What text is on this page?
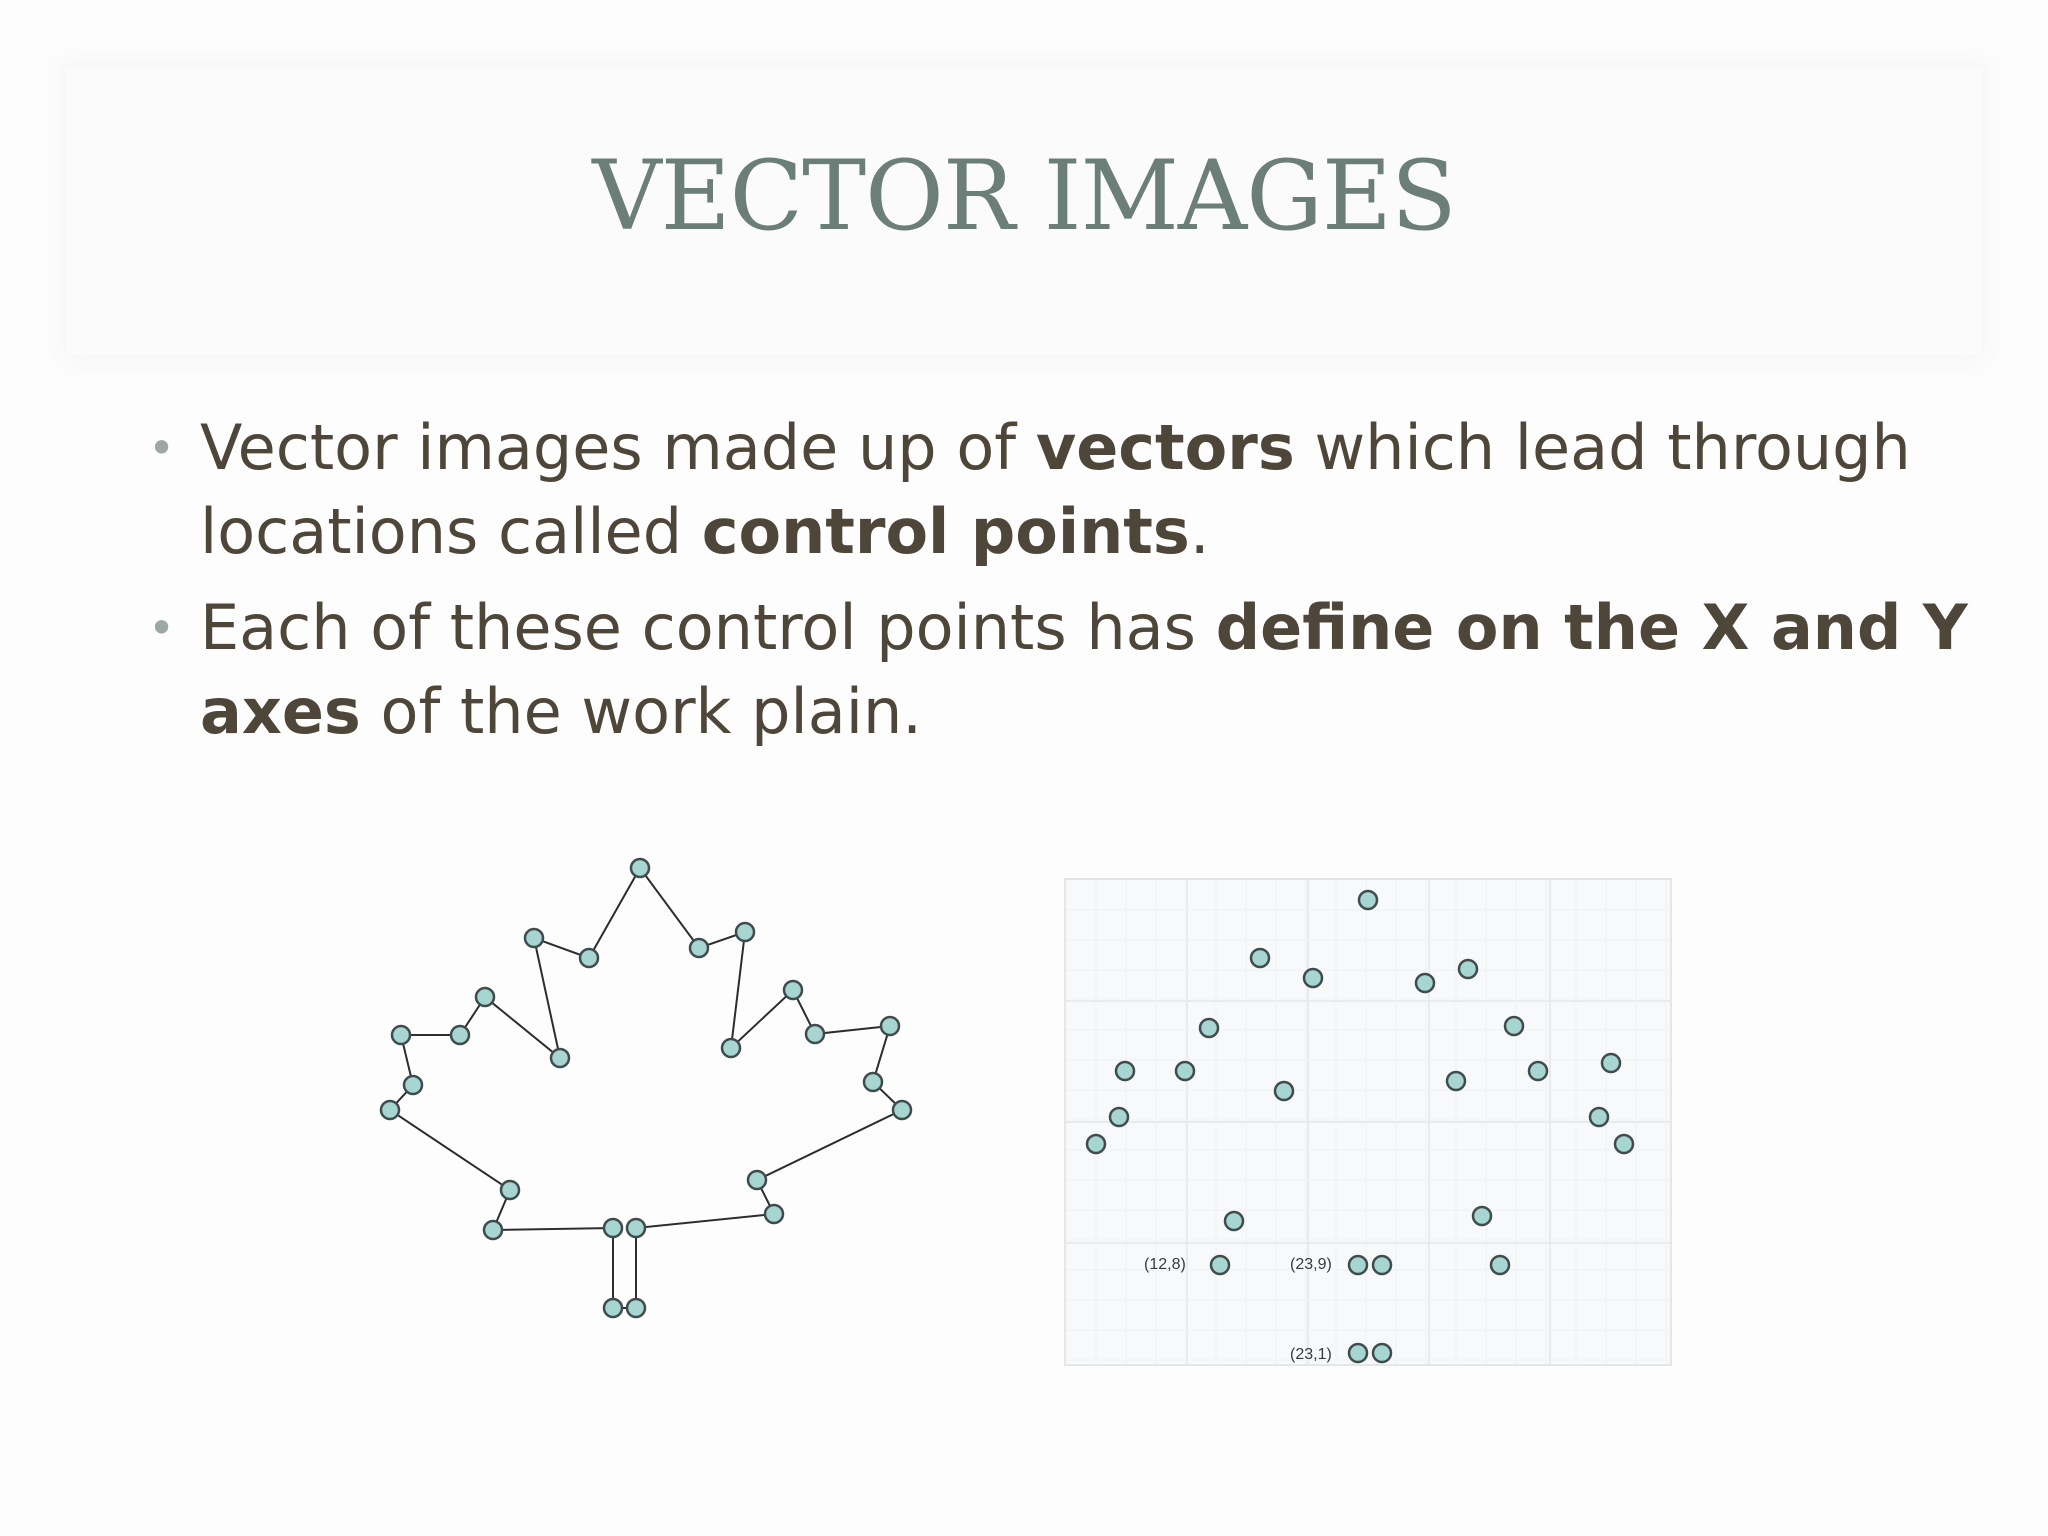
VECTOR IMAGES
• Vector images made up of vectors which lead through locations called control points.
• Each of these control points has define on the X and Y axes of the work plain.
(12,8)	(23,9)
(23,1)
